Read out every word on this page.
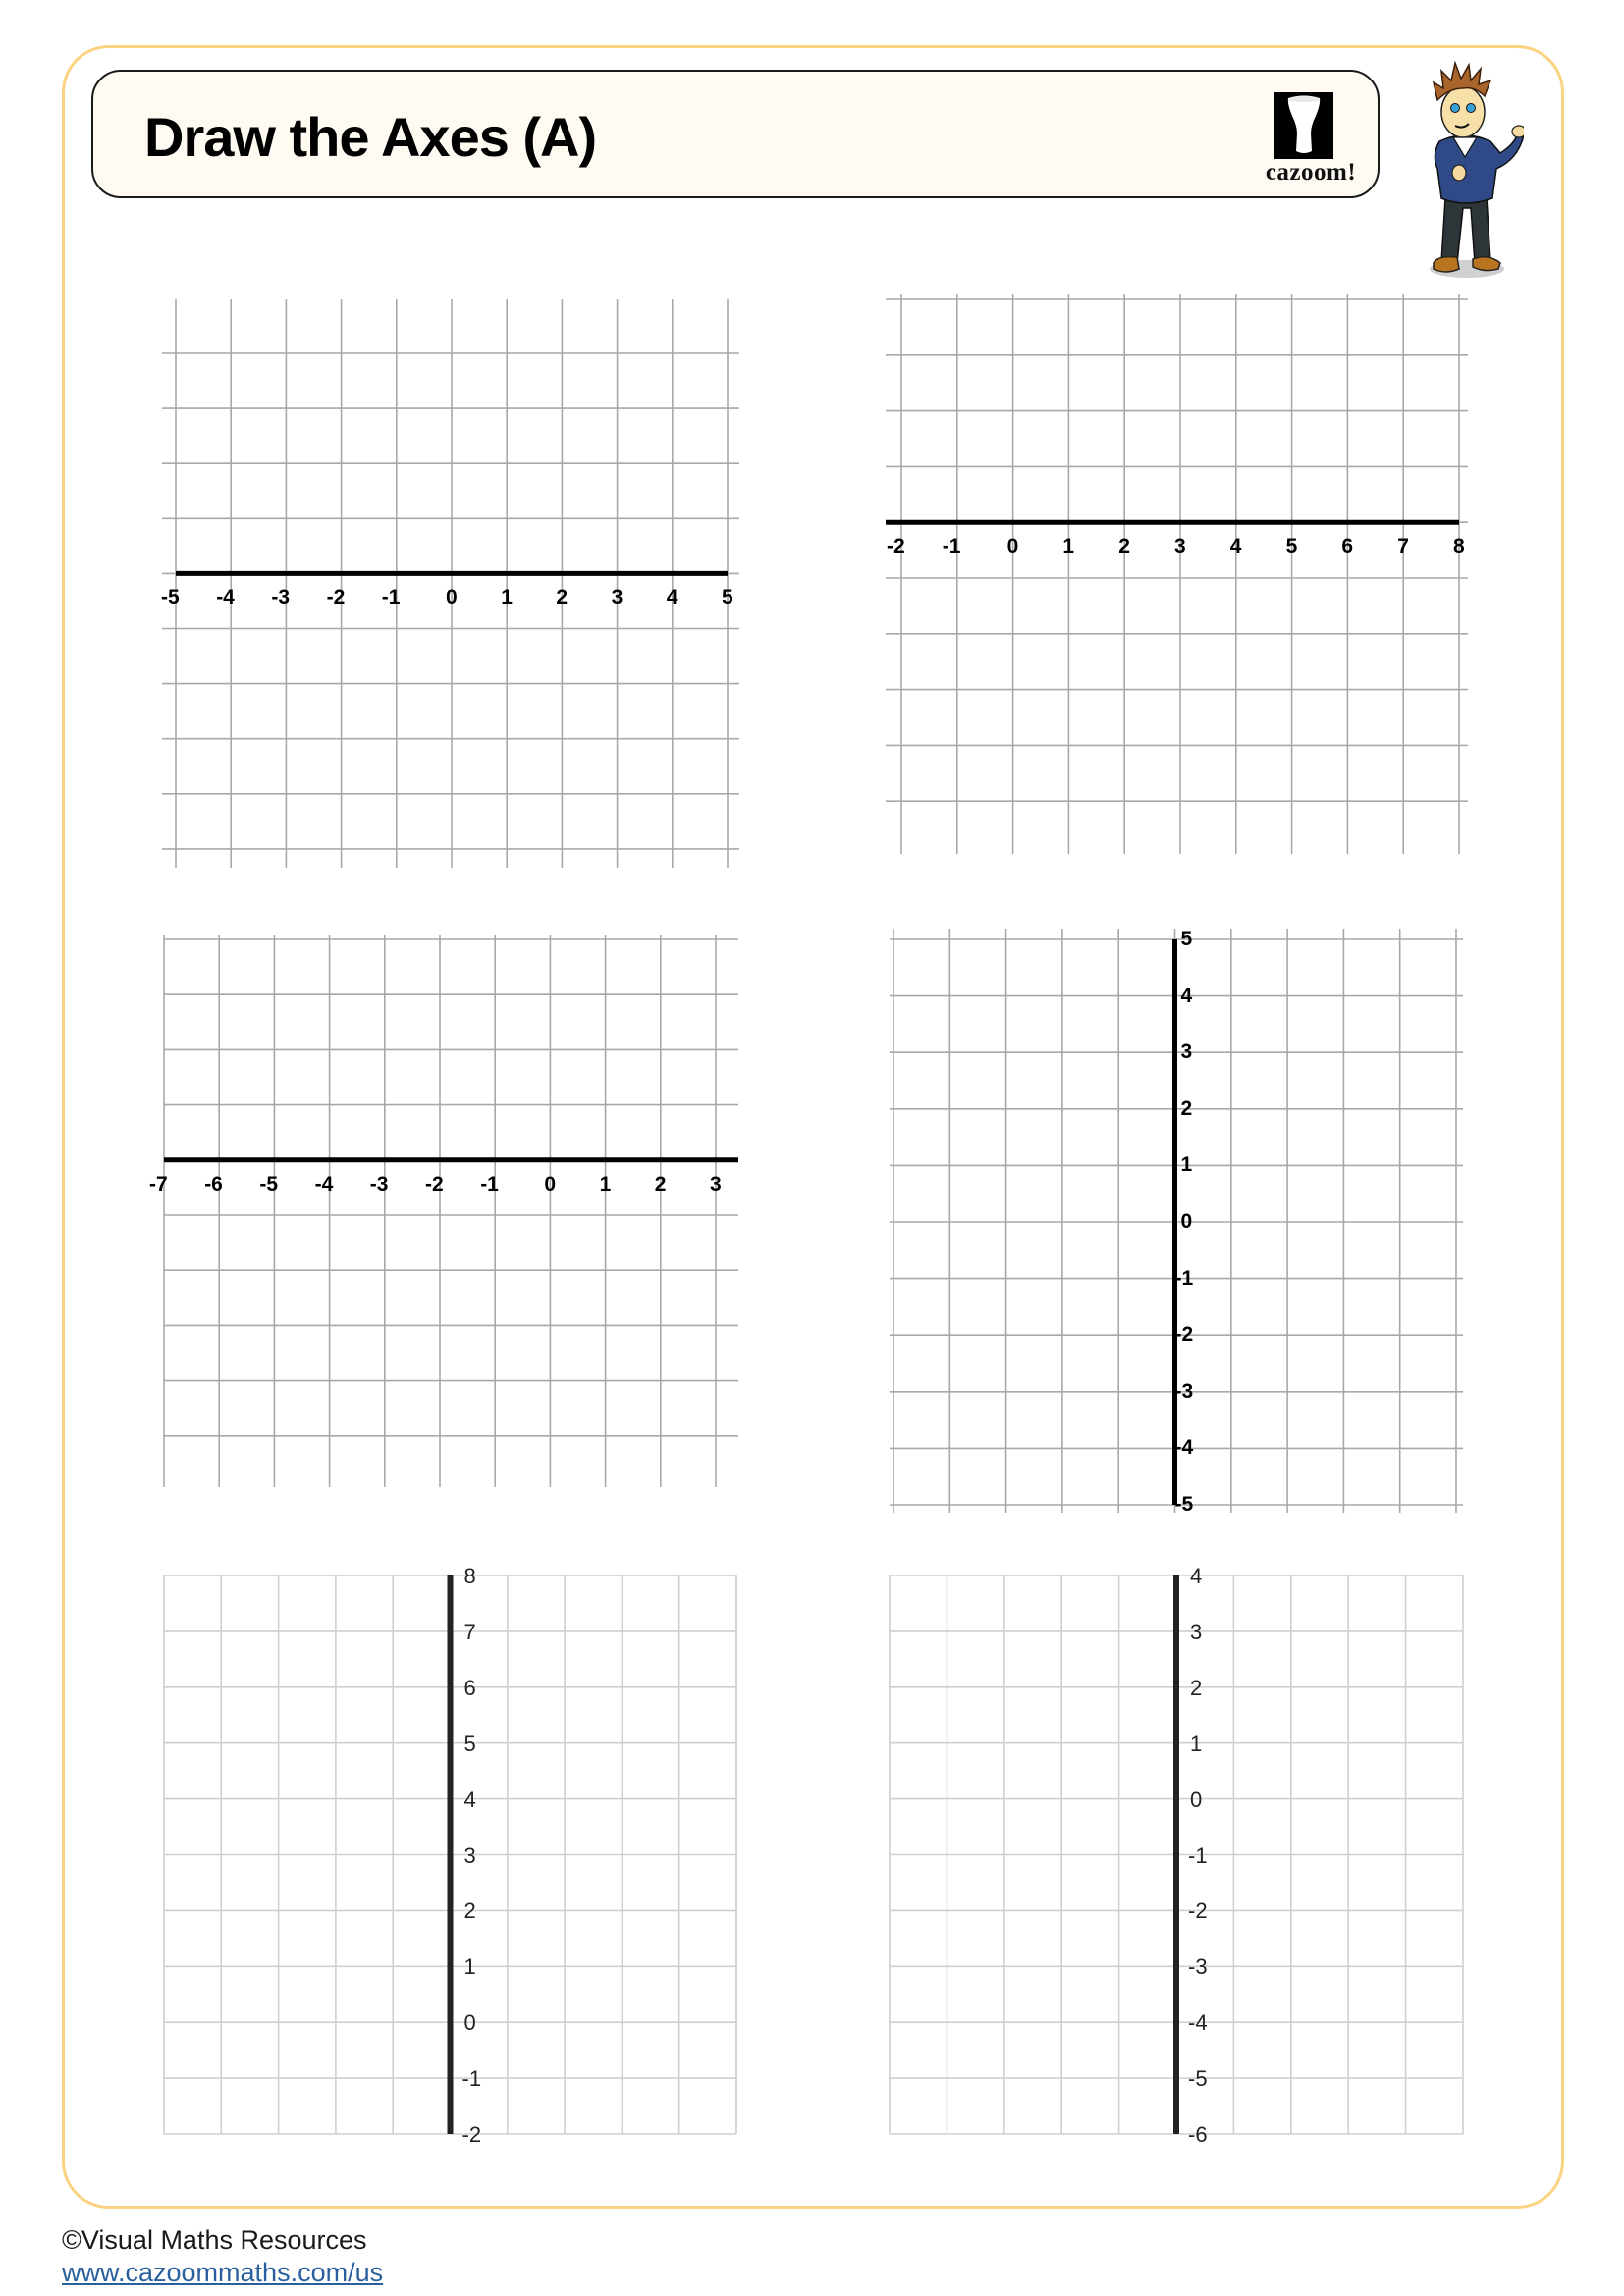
Draw the Axes (A)
cazoom!
-5 -4 -3 -2 -1 0 1 2 3 4 5
-2 -1 0 1 2 3 4 5 6 7 8
-7 -6 -5 -4 -3 -2 -1 0 1 2 3
5
4
3
2
1
0
-1
-2
-3
-4
-5
8
7
6
5
4
3
2
1
0
-1
-2
4
3
2
1
0
-1
-2
-3
-4
-5
-6
©Visual Maths Resources
www.cazoommaths.com/us
